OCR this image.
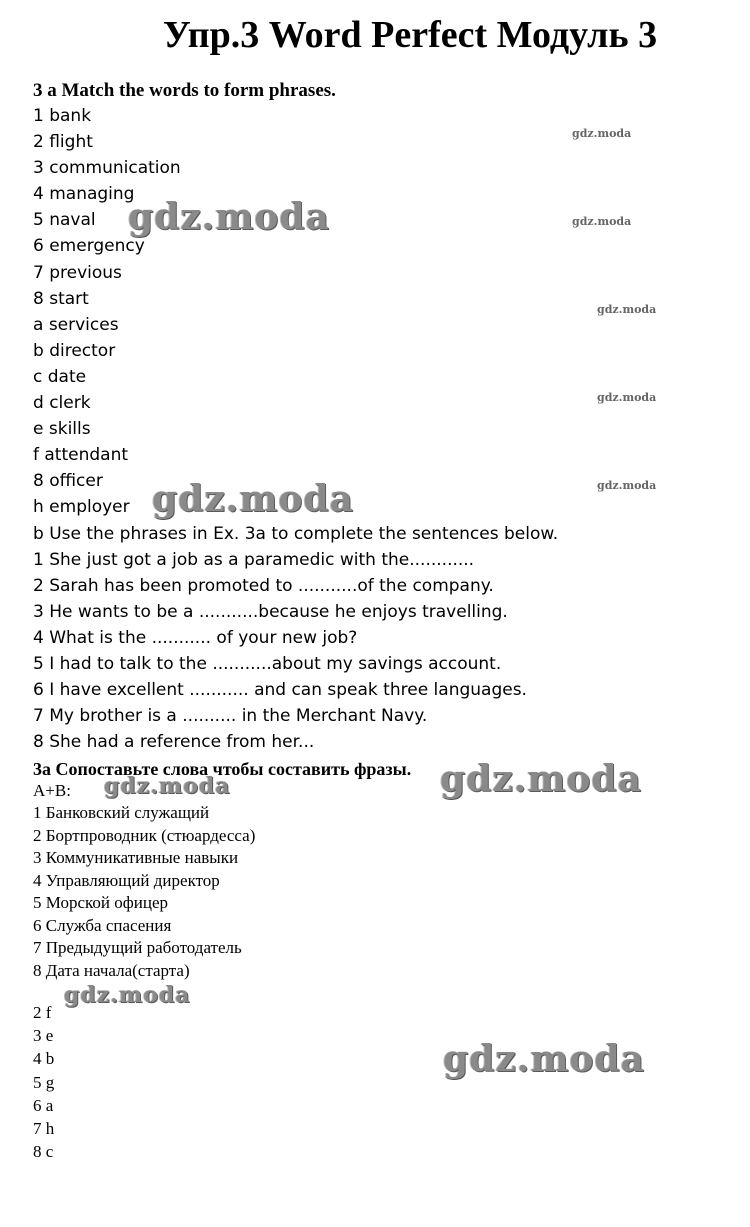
Упр.3 Word Perfect Модуль 3
3 a Match the words to form phrases.
1 bank
2 flight
3 communication
4 managing
5 naval
6 emergency
7 previous
8 start
a services
b director
c date
d clerk
e skills
f attendant
8 officer
h employer
b Use the phrases in Ex. 3a to complete the sentences below.
1 She just got a job as a paramedic with the............
2 Sarah has been promoted to ...........of the company.
3 He wants to be a ...........because he enjoys travelling.
4 What is the ........... of your new job?
5 I had to talk to the ...........about my savings account.
6 I have excellent ........... and can speak three languages.
7 My brother is a .......... in the Merchant Navy.
8 She had a reference from her...
3a Сопоставьте слова чтобы составить фразы.
A+B:
1 Банковский служащий
2 Бортпроводник (стюардесса)
3 Коммуникативные навыки
4 Управляющий директор
5 Морской офицер
6 Служба спасения
7 Предыдущий работодатель
8 Дата начала(старта)
2 f
3 e
4 b
5 g
6 a
7 h
8 c
gdz.moda
gdz.moda
gdz.moda
gdz.moda
gdz.moda
gdz.moda
gdz.moda
gdz.moda
gdz.moda
gdz.moda
gdz.moda
